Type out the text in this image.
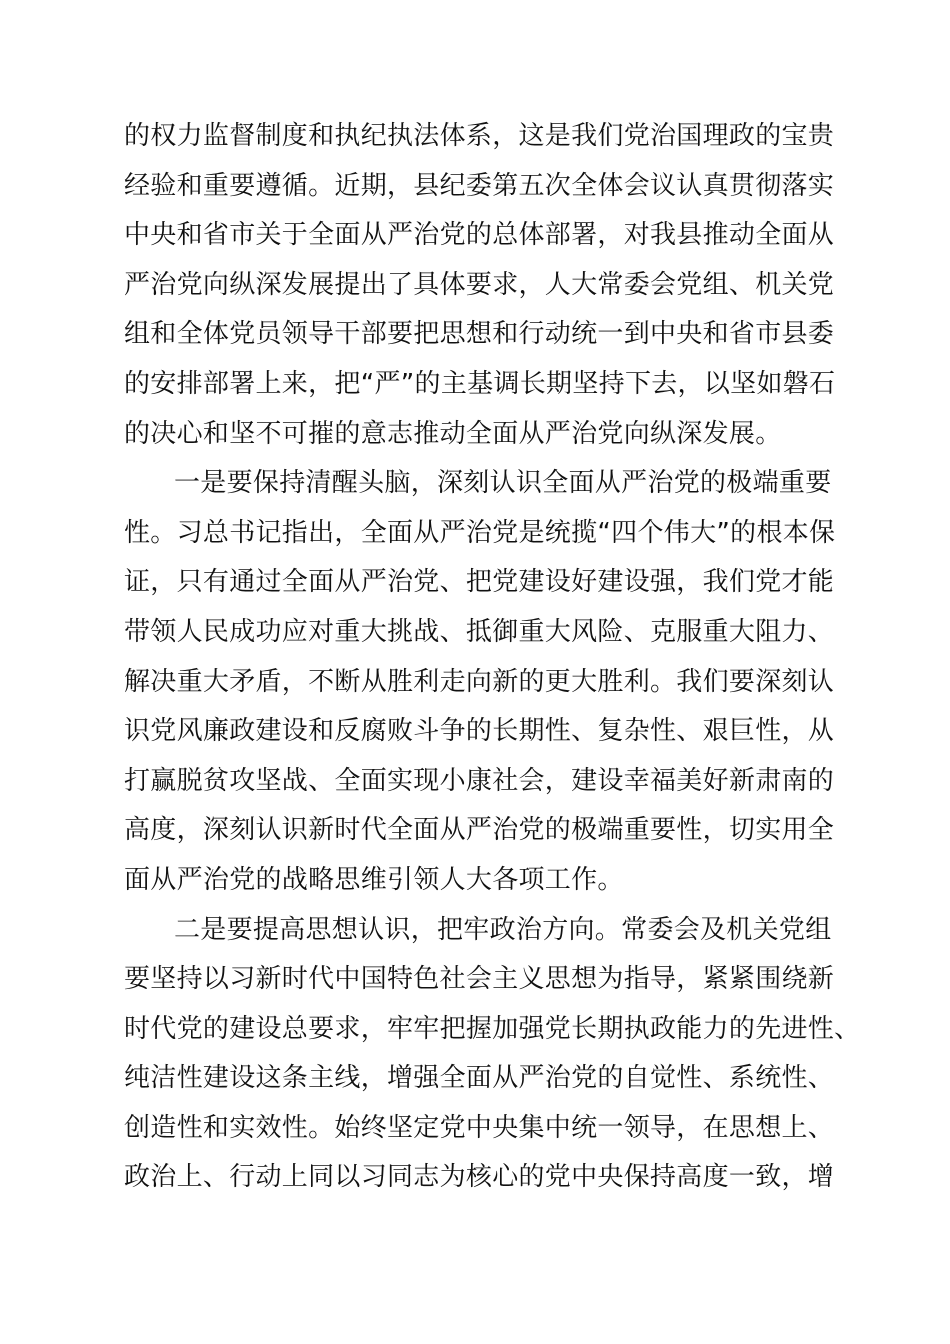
的权力监督制度和执纪执法体系，这是我们党治国理政的宝贵
经验和重要遵循。近期，县纪委第五次全体会议认真贯彻落实
中央和省市关于全面从严治党的总体部署，对我县推动全面从
严治党向纵深发展提出了具体要求，人大常委会党组、机关党
组和全体党员领导干部要把思想和行动统一到中央和省市县委
的安排部署上来，把“严”的主基调长期坚持下去，以坚如磐石
的决心和坚不可摧的意志推动全面从严治党向纵深发展。
一是要保持清醒头脑，深刻认识全面从严治党的极端重要
性。习总书记指出，全面从严治党是统揽“四个伟大”的根本保
证，只有通过全面从严治党、把党建设好建设强，我们党才能
带领人民成功应对重大挑战、抵御重大风险、克服重大阻力、
解决重大矛盾，不断从胜利走向新的更大胜利。我们要深刻认
识党风廉政建设和反腐败斗争的长期性、复杂性、艰巨性，从
打赢脱贫攻坚战、全面实现小康社会，建设幸福美好新肃南的
高度，深刻认识新时代全面从严治党的极端重要性，切实用全
面从严治党的战略思维引领人大各项工作。
二是要提高思想认识，把牢政治方向。常委会及机关党组
要坚持以习新时代中国特色社会主义思想为指导，紧紧围绕新
时代党的建设总要求，牢牢把握加强党长期执政能力的先进性、
纯洁性建设这条主线，增强全面从严治党的自觉性、系统性、
创造性和实效性。始终坚定党中央集中统一领导，在思想上、
政治上、行动上同以习同志为核心的党中央保持高度一致，增
